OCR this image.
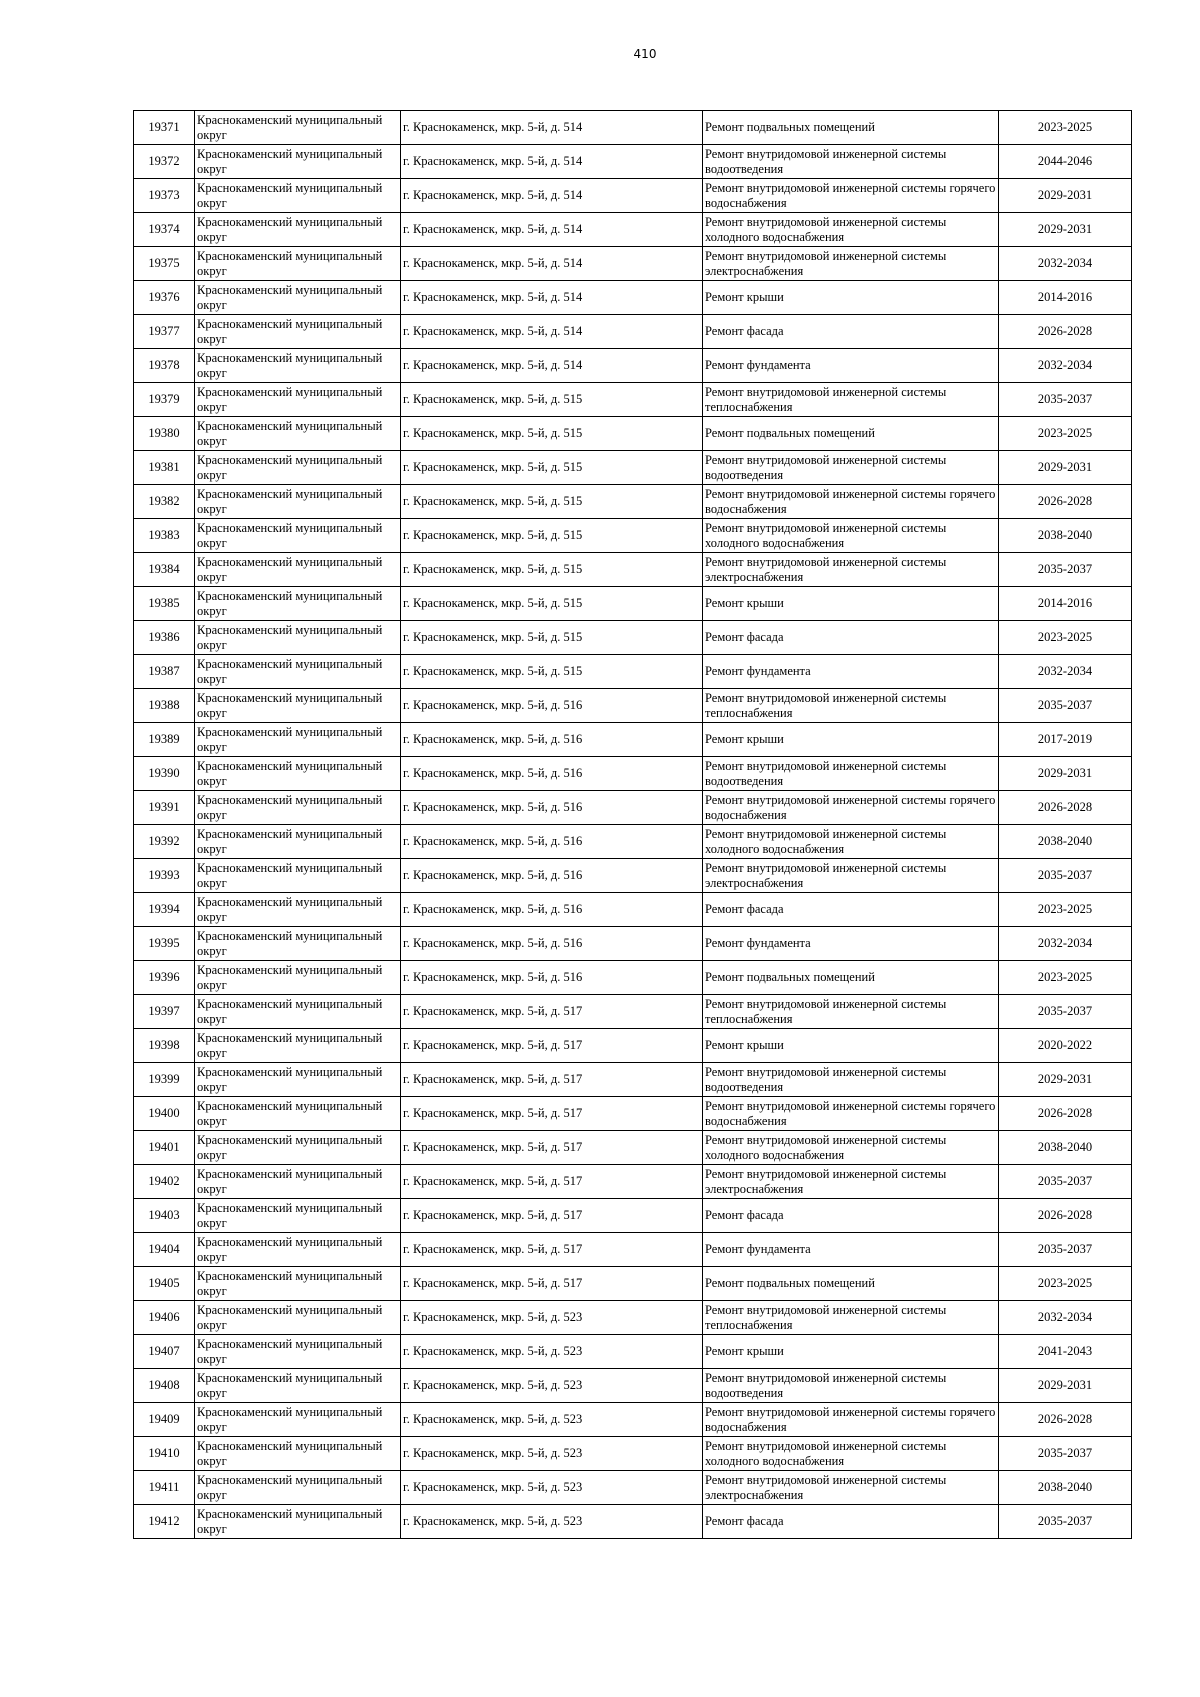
410
19371	Краснокаменский муниципальный округ	г. Краснокаменск, мкр. 5-й, д. 514	Ремонт подвальных помещений	2023-2025
19372	Краснокаменский муниципальный округ	г. Краснокаменск, мкр. 5-й, д. 514	Ремонт внутридомовой инженерной системы водоотведения	2044-2046
19373	Краснокаменский муниципальный округ	г. Краснокаменск, мкр. 5-й, д. 514	Ремонт внутридомовой инженерной системы горячего водоснабжения	2029-2031
19374	Краснокаменский муниципальный округ	г. Краснокаменск, мкр. 5-й, д. 514	Ремонт внутридомовой инженерной системы холодного водоснабжения	2029-2031
19375	Краснокаменский муниципальный округ	г. Краснокаменск, мкр. 5-й, д. 514	Ремонт внутридомовой инженерной системы электроснабжения	2032-2034
19376	Краснокаменский муниципальный округ	г. Краснокаменск, мкр. 5-й, д. 514	Ремонт крыши	2014-2016
19377	Краснокаменский муниципальный округ	г. Краснокаменск, мкр. 5-й, д. 514	Ремонт фасада	2026-2028
19378	Краснокаменский муниципальный округ	г. Краснокаменск, мкр. 5-й, д. 514	Ремонт фундамента	2032-2034
19379	Краснокаменский муниципальный округ	г. Краснокаменск, мкр. 5-й, д. 515	Ремонт внутридомовой инженерной системы теплоснабжения	2035-2037
19380	Краснокаменский муниципальный округ	г. Краснокаменск, мкр. 5-й, д. 515	Ремонт подвальных помещений	2023-2025
19381	Краснокаменский муниципальный округ	г. Краснокаменск, мкр. 5-й, д. 515	Ремонт внутридомовой инженерной системы водоотведения	2029-2031
19382	Краснокаменский муниципальный округ	г. Краснокаменск, мкр. 5-й, д. 515	Ремонт внутридомовой инженерной системы горячего водоснабжения	2026-2028
19383	Краснокаменский муниципальный округ	г. Краснокаменск, мкр. 5-й, д. 515	Ремонт внутридомовой инженерной системы холодного водоснабжения	2038-2040
19384	Краснокаменский муниципальный округ	г. Краснокаменск, мкр. 5-й, д. 515	Ремонт внутридомовой инженерной системы электроснабжения	2035-2037
19385	Краснокаменский муниципальный округ	г. Краснокаменск, мкр. 5-й, д. 515	Ремонт крыши	2014-2016
19386	Краснокаменский муниципальный округ	г. Краснокаменск, мкр. 5-й, д. 515	Ремонт фасада	2023-2025
19387	Краснокаменский муниципальный округ	г. Краснокаменск, мкр. 5-й, д. 515	Ремонт фундамента	2032-2034
19388	Краснокаменский муниципальный округ	г. Краснокаменск, мкр. 5-й, д. 516	Ремонт внутридомовой инженерной системы теплоснабжения	2035-2037
19389	Краснокаменский муниципальный округ	г. Краснокаменск, мкр. 5-й, д. 516	Ремонт крыши	2017-2019
19390	Краснокаменский муниципальный округ	г. Краснокаменск, мкр. 5-й, д. 516	Ремонт внутридомовой инженерной системы водоотведения	2029-2031
19391	Краснокаменский муниципальный округ	г. Краснокаменск, мкр. 5-й, д. 516	Ремонт внутридомовой инженерной системы горячего водоснабжения	2026-2028
19392	Краснокаменский муниципальный округ	г. Краснокаменск, мкр. 5-й, д. 516	Ремонт внутридомовой инженерной системы холодного водоснабжения	2038-2040
19393	Краснокаменский муниципальный округ	г. Краснокаменск, мкр. 5-й, д. 516	Ремонт внутридомовой инженерной системы электроснабжения	2035-2037
19394	Краснокаменский муниципальный округ	г. Краснокаменск, мкр. 5-й, д. 516	Ремонт фасада	2023-2025
19395	Краснокаменский муниципальный округ	г. Краснокаменск, мкр. 5-й, д. 516	Ремонт фундамента	2032-2034
19396	Краснокаменский муниципальный округ	г. Краснокаменск, мкр. 5-й, д. 516	Ремонт подвальных помещений	2023-2025
19397	Краснокаменский муниципальный округ	г. Краснокаменск, мкр. 5-й, д. 517	Ремонт внутридомовой инженерной системы теплоснабжения	2035-2037
19398	Краснокаменский муниципальный округ	г. Краснокаменск, мкр. 5-й, д. 517	Ремонт крыши	2020-2022
19399	Краснокаменский муниципальный округ	г. Краснокаменск, мкр. 5-й, д. 517	Ремонт внутридомовой инженерной системы водоотведения	2029-2031
19400	Краснокаменский муниципальный округ	г. Краснокаменск, мкр. 5-й, д. 517	Ремонт внутридомовой инженерной системы горячего водоснабжения	2026-2028
19401	Краснокаменский муниципальный округ	г. Краснокаменск, мкр. 5-й, д. 517	Ремонт внутридомовой инженерной системы холодного водоснабжения	2038-2040
19402	Краснокаменский муниципальный округ	г. Краснокаменск, мкр. 5-й, д. 517	Ремонт внутридомовой инженерной системы электроснабжения	2035-2037
19403	Краснокаменский муниципальный округ	г. Краснокаменск, мкр. 5-й, д. 517	Ремонт фасада	2026-2028
19404	Краснокаменский муниципальный округ	г. Краснокаменск, мкр. 5-й, д. 517	Ремонт фундамента	2035-2037
19405	Краснокаменский муниципальный округ	г. Краснокаменск, мкр. 5-й, д. 517	Ремонт подвальных помещений	2023-2025
19406	Краснокаменский муниципальный округ	г. Краснокаменск, мкр. 5-й, д. 523	Ремонт внутридомовой инженерной системы теплоснабжения	2032-2034
19407	Краснокаменский муниципальный округ	г. Краснокаменск, мкр. 5-й, д. 523	Ремонт крыши	2041-2043
19408	Краснокаменский муниципальный округ	г. Краснокаменск, мкр. 5-й, д. 523	Ремонт внутридомовой инженерной системы водоотведения	2029-2031
19409	Краснокаменский муниципальный округ	г. Краснокаменск, мкр. 5-й, д. 523	Ремонт внутридомовой инженерной системы горячего водоснабжения	2026-2028
19410	Краснокаменский муниципальный округ	г. Краснокаменск, мкр. 5-й, д. 523	Ремонт внутридомовой инженерной системы холодного водоснабжения	2035-2037
19411	Краснокаменский муниципальный округ	г. Краснокаменск, мкр. 5-й, д. 523	Ремонт внутридомовой инженерной системы электроснабжения	2038-2040
19412	Краснокаменский муниципальный округ	г. Краснокаменск, мкр. 5-й, д. 523	Ремонт фасада	2035-2037
